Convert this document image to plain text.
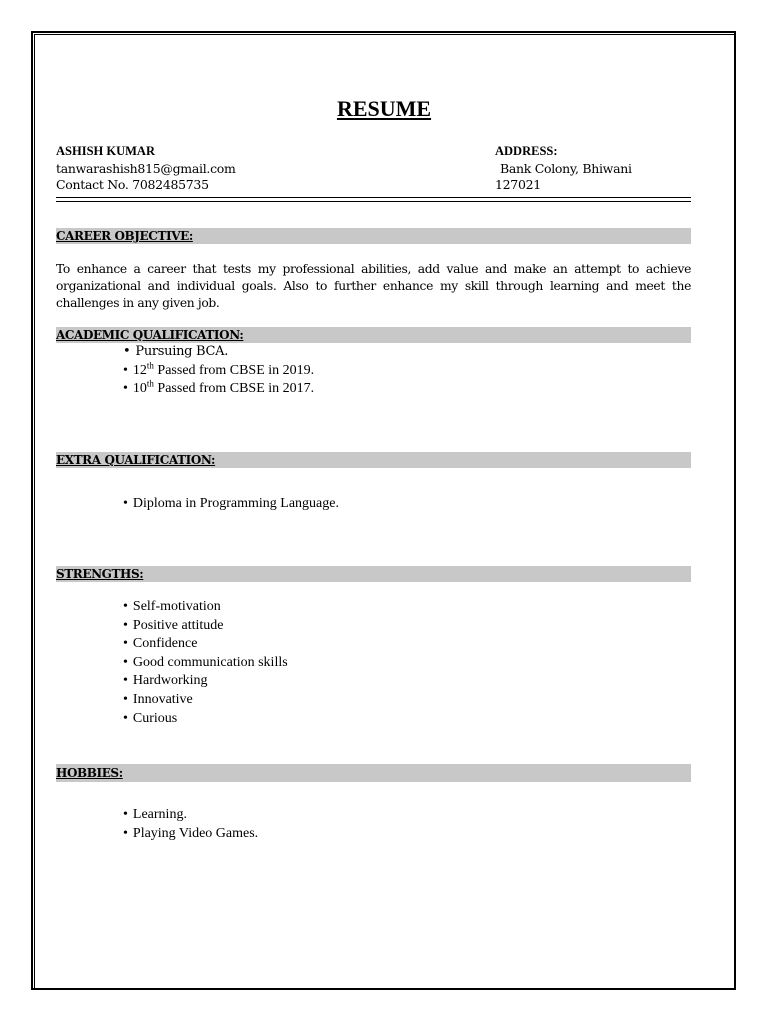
RESUME
ASHISH KUMAR
tanwarashish815@gmail.com
Contact No. 7082485735
ADDRESS:
Bank Colony, Bhiwani
127021
CAREER OBJECTIVE:
To enhance a career that tests my professional abilities, add value and make an attempt to achieve organizational and individual goals. Also to further enhance my skill through learning and meet the challenges in any given job.
ACADEMIC QUALIFICATION:
• Pursuing BCA.
• 12th Passed from CBSE in 2019.
• 10th Passed from CBSE in 2017.
EXTRA QUALIFICATION:
• Diploma in Programming Language.
STRENGTHS:
• Self-motivation
• Positive attitude
• Confidence
• Good communication skills
• Hardworking
• Innovative
• Curious
HOBBIES:
• Learning.
• Playing Video Games.
